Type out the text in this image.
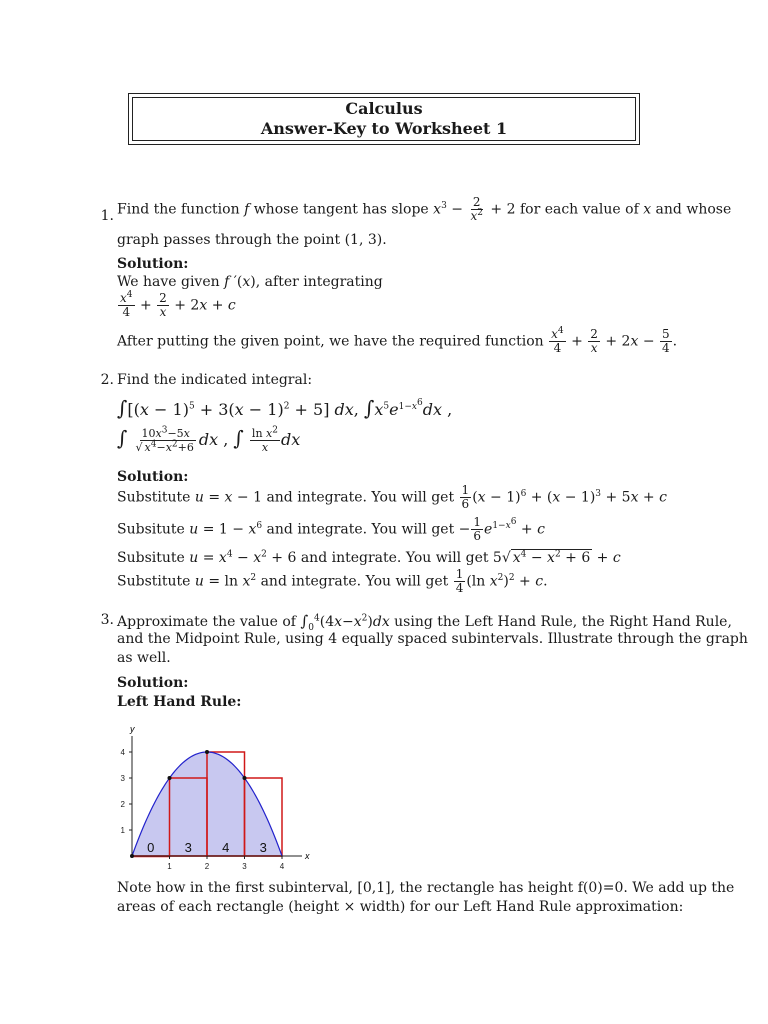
Calculus
Answer-Key to Worksheet 1
1. Find the function f whose tangent has slope $x^3 - \frac{2}{x^2} + 2$ for each value of x and whose
graph passes through the point (1, 3).
Solution:
We have given f ′(x), after integrating
$\frac{x^4}{4} + \frac{2}{x} + 2x + c$
After putting the given point, we have the required function $\frac{x^4}{4} + \frac{2}{x} + 2x - \frac{5}{4}$ .
2. Find the indicated integral:
$\int[(x - 1)^5 + 3(x - 1)^2 + 5]$ dx, $\int x^5e^{1-x^6}dx$ ,
∫ $\frac{10x^3-5x}{√ x^4-x^2+6}$ dx , ∫ $\frac{\ln x^2}{x}$ dx
Solution:
Substitute u = x − 1 and integrate. You will get $\frac{1}{6} (x - 1)^6 + (x - 1)^3 + 5x + c$
Subsitute $u = 1 - x^6$ and integrate. You will get − $\frac{1}{6} e^{1-x^6} + c$
Subsitute $u = x^4 - x^2 + 6$ and integrate. You will get 5√ $x^4 - x^2 + 6 + c$
Substitute $u = \ln x^2$ and integrate. You will get $\frac{1}{4} (\ln$ $x^2)^2 + c$.
3. Approximate the value of $\int_0^4(4x-x^2)dx$ using the Left Hand Rule, the Right Hand Rule,
and the Midpoint Rule, using 4 equally spaced subintervals. Illustrate through the graph
as well.
Solution:
Left Hand Rule:
x
y
1	2	3	4
1
2
3
4
0 3 4 3
Note how in the first subinterval, [0,1], the rectangle has height f(0)=0. We add up the
areas of each rectangle (height × width) for our Left Hand Rule approximation:
